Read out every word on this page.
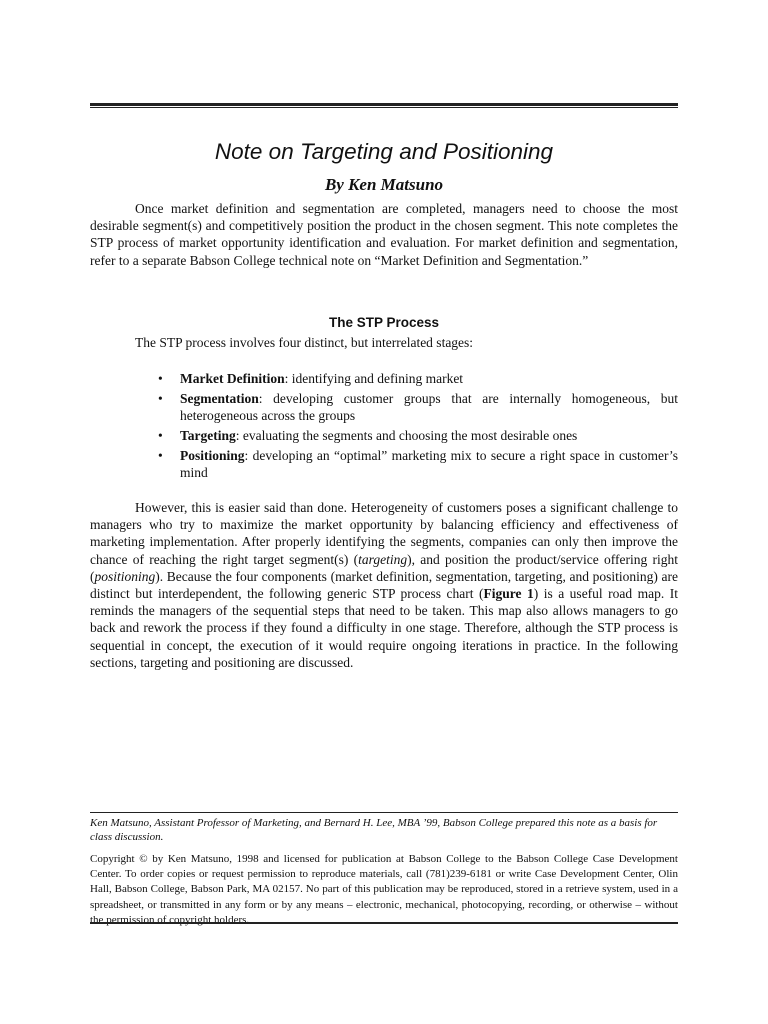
Note on Targeting and Positioning
By Ken Matsuno

Once market definition and segmentation are completed, managers need to choose the most desirable segment(s) and competitively position the product in the chosen segment. This note completes the STP process of market opportunity identification and evaluation. For market definition and segmentation, refer to a separate Babson College technical note on “Market Definition and Segmentation.”

The STP Process

The STP process involves four distinct, but interrelated stages:

• Market Definition: identifying and defining market
• Segmentation: developing customer groups that are internally homogeneous, but heterogeneous across the groups
• Targeting: evaluating the segments and choosing the most desirable ones
• Positioning: developing an “optimal” marketing mix to secure a right space in customer’s mind

However, this is easier said than done. Heterogeneity of customers poses a significant challenge to managers who try to maximize the market opportunity by balancing efficiency and effectiveness of marketing implementation. After properly identifying the segments, companies can only then improve the chance of reaching the right target segment(s) (targeting), and position the product/service offering right (positioning). Because the four components (market definition, segmentation, targeting, and positioning) are distinct but interdependent, the following generic STP process chart (Figure 1) is a useful road map. It reminds the managers of the sequential steps that need to be taken. This map also allows managers to go back and rework the process if they found a difficulty in one stage. Therefore, although the STP process is sequential in concept, the execution of it would require ongoing iterations in practice. In the following sections, targeting and positioning are discussed.

Ken Matsuno, Assistant Professor of Marketing, and Bernard H. Lee, MBA ’99, Babson College prepared this note as a basis for class discussion.

Copyright © by Ken Matsuno, 1998 and licensed for publication at Babson College to the Babson College Case Development Center. To order copies or request permission to reproduce materials, call (781)239-6181 or write Case Development Center, Olin Hall, Babson College, Babson Park, MA 02157. No part of this publication may be reproduced, stored in a retrieve system, used in a spreadsheet, or transmitted in any form or by any means – electronic, mechanical, photocopying, recording, or otherwise – without the permission of copyright holders.
